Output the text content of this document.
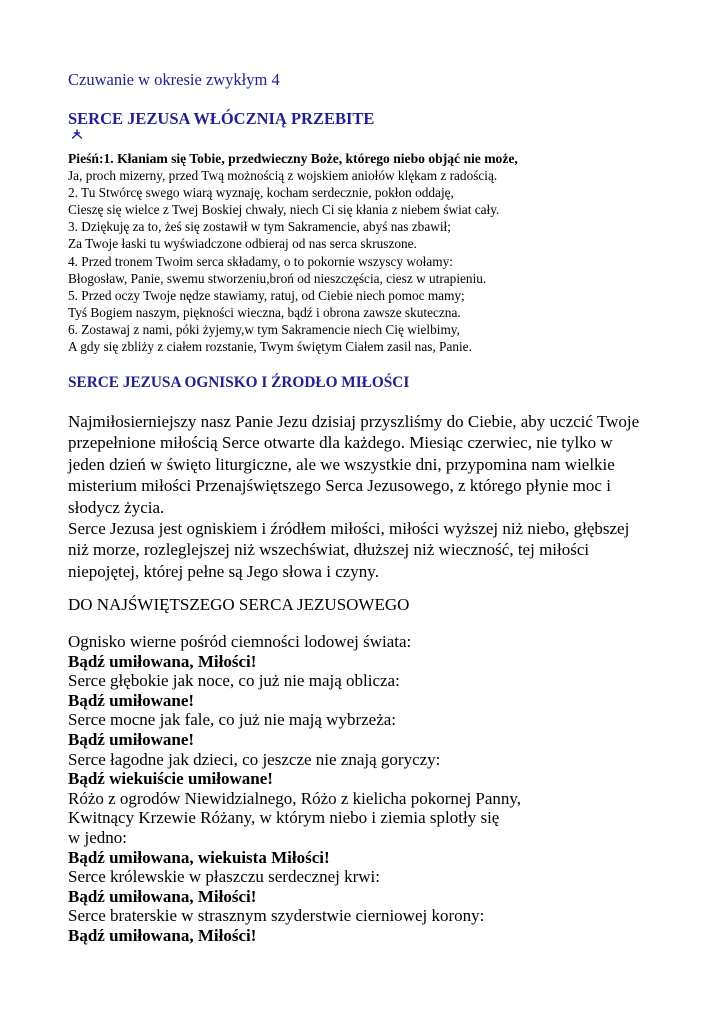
Czuwanie w okresie zwykłym 4
SERCE JEZUSA WŁÓCZNIĄ PRZEBITE
Pieśń:1. Kłaniam się Tobie, przedwieczny Boże, którego niebo objąć nie może,
Ja, proch mizerny, przed Twą możnością z wojskiem aniołów klękam z radością.
2. Tu Stwórcę swego wiarą wyznaję, kocham serdecznie, pokłon oddaję,
Cieszę się wielce z Twej Boskiej chwały, niech Ci się kłania z niebem świat cały.
3. Dziękuję za to, żeś się zostawił w tym Sakramencie, abyś nas zbawił;
Za Twoje łaski tu wyświadczone odbieraj od nas serca skruszone.
4. Przed tronem Twoim serca składamy, o to pokornie wszyscy wołamy:
Błogosław, Panie, swemu stworzeniu,broń od nieszczęścia, ciesz w utrapieniu.
5. Przed oczy Twoje nędze stawiamy, ratuj, od Ciebie niech pomoc mamy;
Tyś Bogiem naszym, piękności wieczna, bądź i obrona zawsze skuteczna.
6. Zostawaj z nami, póki żyjemy,w tym Sakramencie niech Cię wielbimy,
A gdy się zbliży z ciałem rozstanie, Twym świętym Ciałem zasil nas, Panie.
SERCE JEZUSA OGNISKO I ŹRODŁO MIŁOŚCI
Najmiłosierniejszy nasz Panie Jezu dzisiaj przyszliśmy do Ciebie, aby uczcić Twoje
przepełnione miłością Serce otwarte dla każdego. Miesiąc czerwiec, nie tylko w
jeden dzień w święto liturgiczne, ale we wszystkie dni, przypomina nam wielkie
misterium miłości Przenajświętszego Serca Jezusowego, z którego płynie moc i
słodycz życia.
Serce Jezusa jest ogniskiem i źródłem miłości, miłości wyższej niż niebo, głębszej
niż morze, rozleglejszej niż wszechświat, dłuższej niż wieczność, tej miłości
niepojętej, której pełne są Jego słowa i czyny.
DO NAJŚWIĘTSZEGO SERCA JEZUSOWEGO
Ognisko wierne pośród ciemności lodowej świata:
Bądź umiłowana, Miłości!
Serce głębokie jak noce, co już nie mają oblicza:
Bądź umiłowane!
Serce mocne jak fale, co już nie mają wybrzeża:
Bądź umiłowane!
Serce łagodne jak dzieci, co jeszcze nie znają goryczy:
Bądź wiekuiście umiłowane!
Różo z ogrodów Niewidzialnego, Różo z kielicha pokornej Panny,
Kwitnący Krzewie Różany, w którym niebo i ziemia splotły się
w jedno:
Bądź umiłowana, wiekuista Miłości!
Serce królewskie w płaszczu serdecznej krwi:
Bądź umiłowana, Miłości!
Serce braterskie w strasznym szyderstwie cierniowej korony:
Bądź umiłowana, Miłości!
